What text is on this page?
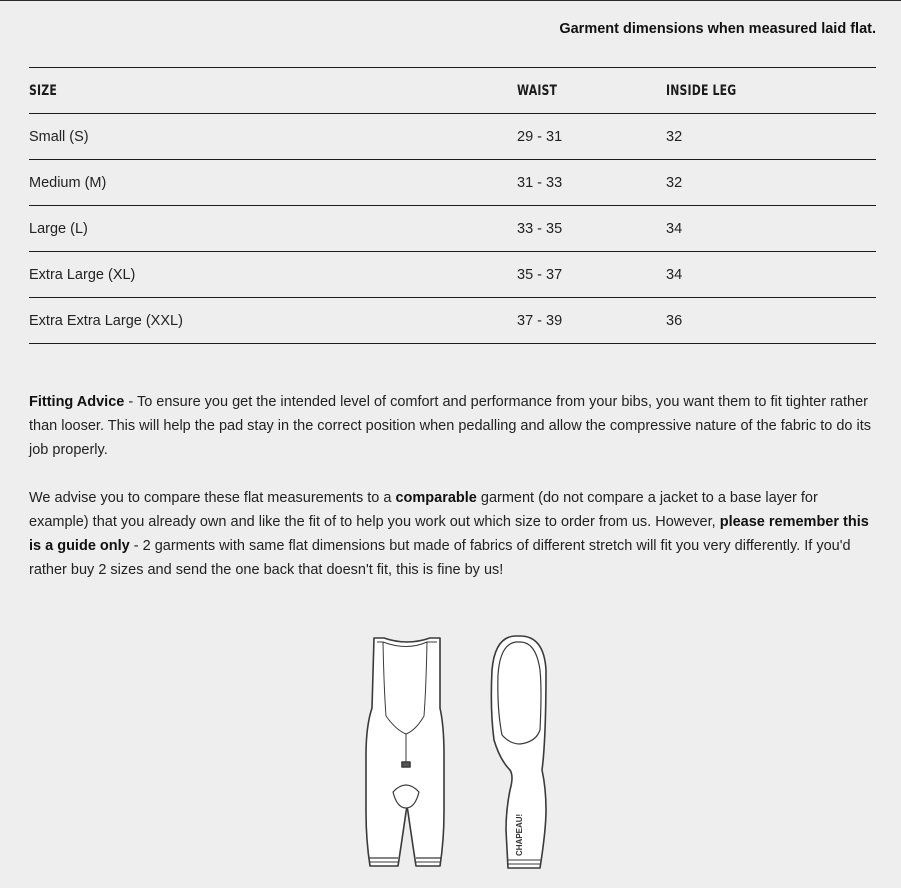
Garment dimensions when measured laid flat.
SIZE	WAIST	INSIDE LEG
Small (S)	29 - 31	32
Medium (M)	31 - 33	32
Large (L)	33 - 35	34
Extra Large (XL)	35 - 37	34
Extra Extra Large (XXL)	37 - 39	36

Fitting Advice - To ensure you get the intended level of comfort and performance from your bibs, you want them to fit tighter rather than looser. This will help the pad stay in the correct position when pedalling and allow the compressive nature of the fabric to do its job properly.

We advise you to compare these flat measurements to a comparable garment (do not compare a jacket to a base layer for example) that you already own and like the fit of to help you work out which size to order from us. However, please remember this is a guide only - 2 garments with same flat dimensions but made of fabrics of different stretch will fit you very differently. If you'd rather buy 2 sizes and send the one back that doesn't fit, this is fine by us!

CHAPEAU!
